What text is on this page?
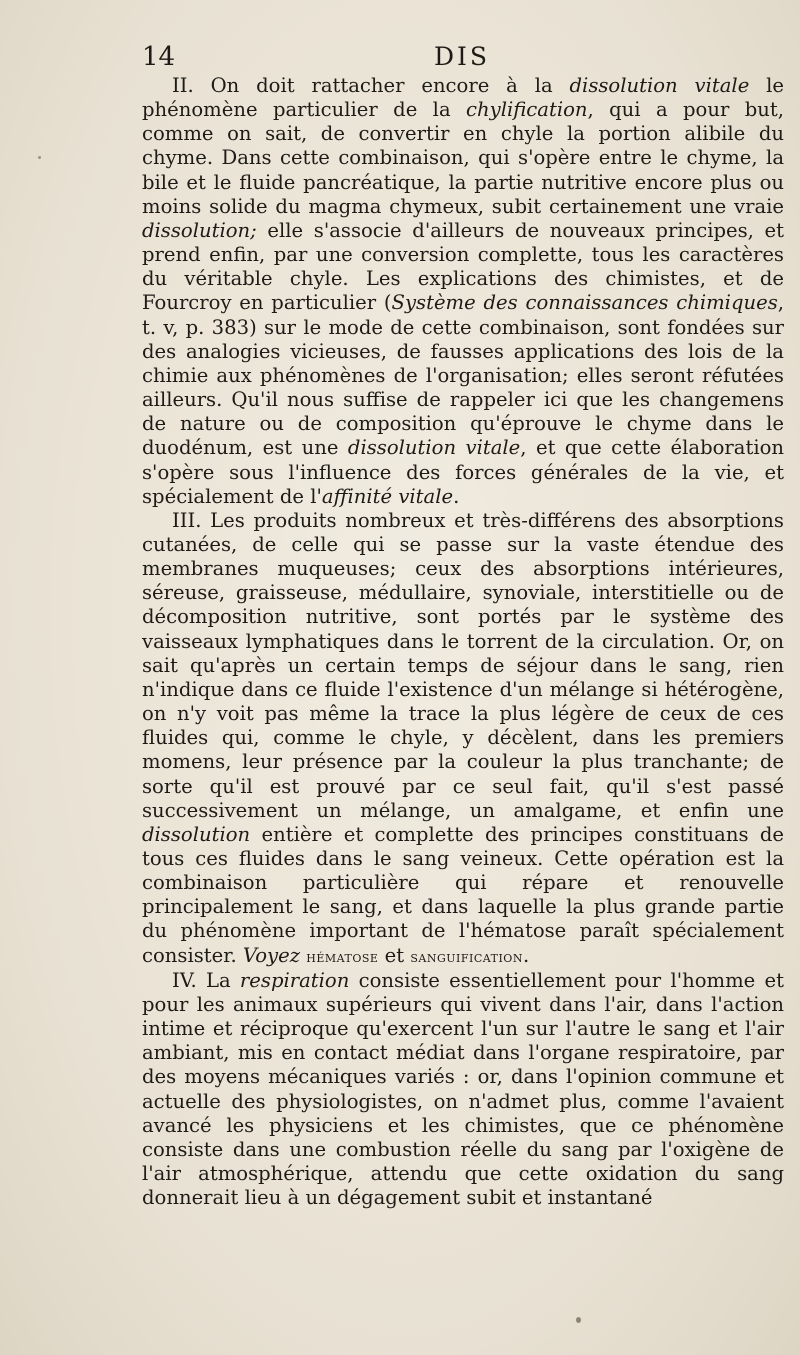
14	DIS

II. On doit rattacher encore à la dissolution vitale le phénomène particulier de la chylification, qui a pour but, comme on sait, de convertir en chyle la portion alibile du chyme. Dans cette combinaison, qui s'opère entre le chyme, la bile et le fluide pancréatique, la partie nutritive encore plus ou moins solide du magma chymeux, subit certainement une vraie dissolution; elle s'associe d'ailleurs de nouveaux principes, et prend enfin, par une conversion complette, tous les caractères du véritable chyle. Les explications des chimistes, et de Fourcroy en particulier (Système des connaissances chimiques, t. v, p. 383) sur le mode de cette combinaison, sont fondées sur des analogies vicieuses, de fausses applications des lois de la chimie aux phénomènes de l'organisation; elles seront réfutées ailleurs. Qu'il nous suffise de rappeler ici que les changemens de nature ou de composition qu'éprouve le chyme dans le duodénum, est une dissolution vitale, et que cette élaboration s'opère sous l'influence des forces générales de la vie, et spécialement de l'affinité vitale.

III. Les produits nombreux et très-différens des absorptions cutanées, de celle qui se passe sur la vaste étendue des membranes muqueuses; ceux des absorptions intérieures, séreuse, graisseuse, médullaire, synoviale, interstitielle ou de décomposition nutritive, sont portés par le système des vaisseaux lymphatiques dans le torrent de la circulation. Or, on sait qu'après un certain temps de séjour dans le sang, rien n'indique dans ce fluide l'existence d'un mélange si hétérogène, on n'y voit pas même la trace la plus légère de ceux de ces fluides qui, comme le chyle, y décèlent, dans les premiers momens, leur présence par la couleur la plus tranchante; de sorte qu'il est prouvé par ce seul fait, qu'il s'est passé successivement un mélange, un amalgame, et enfin une dissolution entière et complette des principes constituans de tous ces fluides dans le sang veineux. Cette opération est la combinaison particulière qui répare et renouvelle principalement le sang, et dans laquelle la plus grande partie du phénomène important de l'hématose paraît spécialement consister. Voyez hématose et sanguification.

IV. La respiration consiste essentiellement pour l'homme et pour les animaux supérieurs qui vivent dans l'air, dans l'action intime et réciproque qu'exercent l'un sur l'autre le sang et l'air ambiant, mis en contact médiat dans l'organe respiratoire, par des moyens mécaniques variés : or, dans l'opinion commune et actuelle des physiologistes, on n'admet plus, comme l'avaient avancé les physiciens et les chimistes, que ce phénomène consiste dans une combustion réelle du sang par l'oxigène de l'air atmosphérique, attendu que cette oxidation du sang donnerait lieu à un dégagement subit et instantané
